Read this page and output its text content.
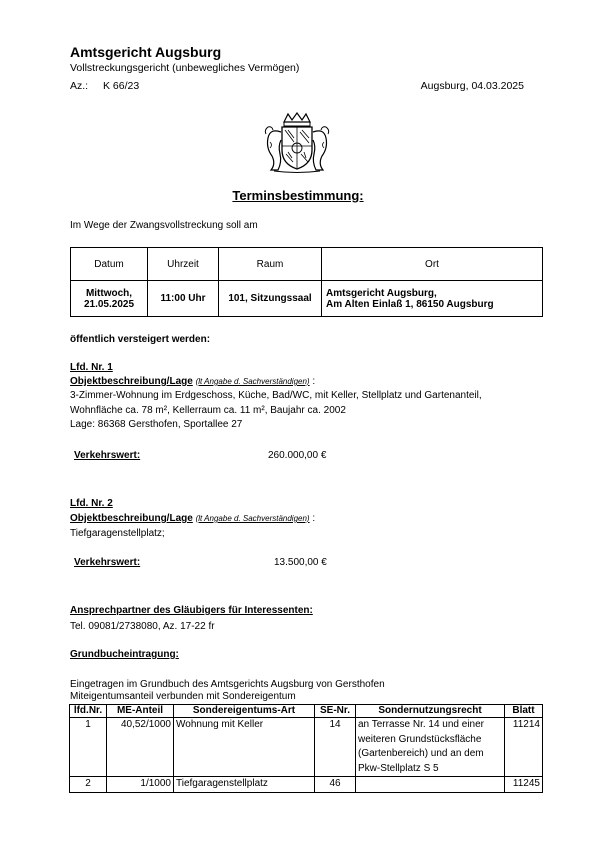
Amtsgericht Augsburg
Vollstreckungsgericht (unbewegliches Vermögen)
Az.: K 66/23	Augsburg, 04.03.2025
Terminsbestimmung:
Im Wege der Zwangsvollstreckung soll am
Datum	Uhrzeit	Raum	Ort
Mittwoch,
21.05.2025	11:00 Uhr	101, Sitzungssaal	Amtsgericht Augsburg,
Am Alten Einlaß 1, 86150 Augsburg
öffentlich versteigert werden:
Lfd. Nr. 1
Objektbeschreibung/Lage (lt Angabe d. Sachverständigen) :
3-Zimmer-Wohnung im Erdgeschoss, Küche, Bad/WC, mit Keller, Stellplatz und Gartenanteil,
Wohnfläche ca. 78 m², Kellerraum ca. 11 m², Baujahr ca. 2002
Lage: 86368 Gersthofen, Sportallee 27
Verkehrswert:	260.000,00 €
Lfd. Nr. 2
Objektbeschreibung/Lage (lt Angabe d. Sachverständigen) :
Tiefgaragenstellplatz;
Verkehrswert:	13.500,00 €
Ansprechpartner des Gläubigers für Interessenten:
Tel. 09081/2738080, Az. 17-22 fr
Grundbucheintragung:
Eingetragen im Grundbuch des Amtsgerichts Augsburg von Gersthofen
Miteigentumsanteil verbunden mit Sondereigentum
lfd.Nr.	ME-Anteil	Sondereigentums-Art	SE-Nr.	Sondernutzungsrecht	Blatt
1	40,52/1000	Wohnung mit Keller	14	an Terrasse Nr. 14 und einer
weiteren Grundstücksfläche
(Gartenbereich) und an dem
Pkw-Stellplatz S 5	11214
2	1/1000	Tiefgaragenstellplatz	46		11245
